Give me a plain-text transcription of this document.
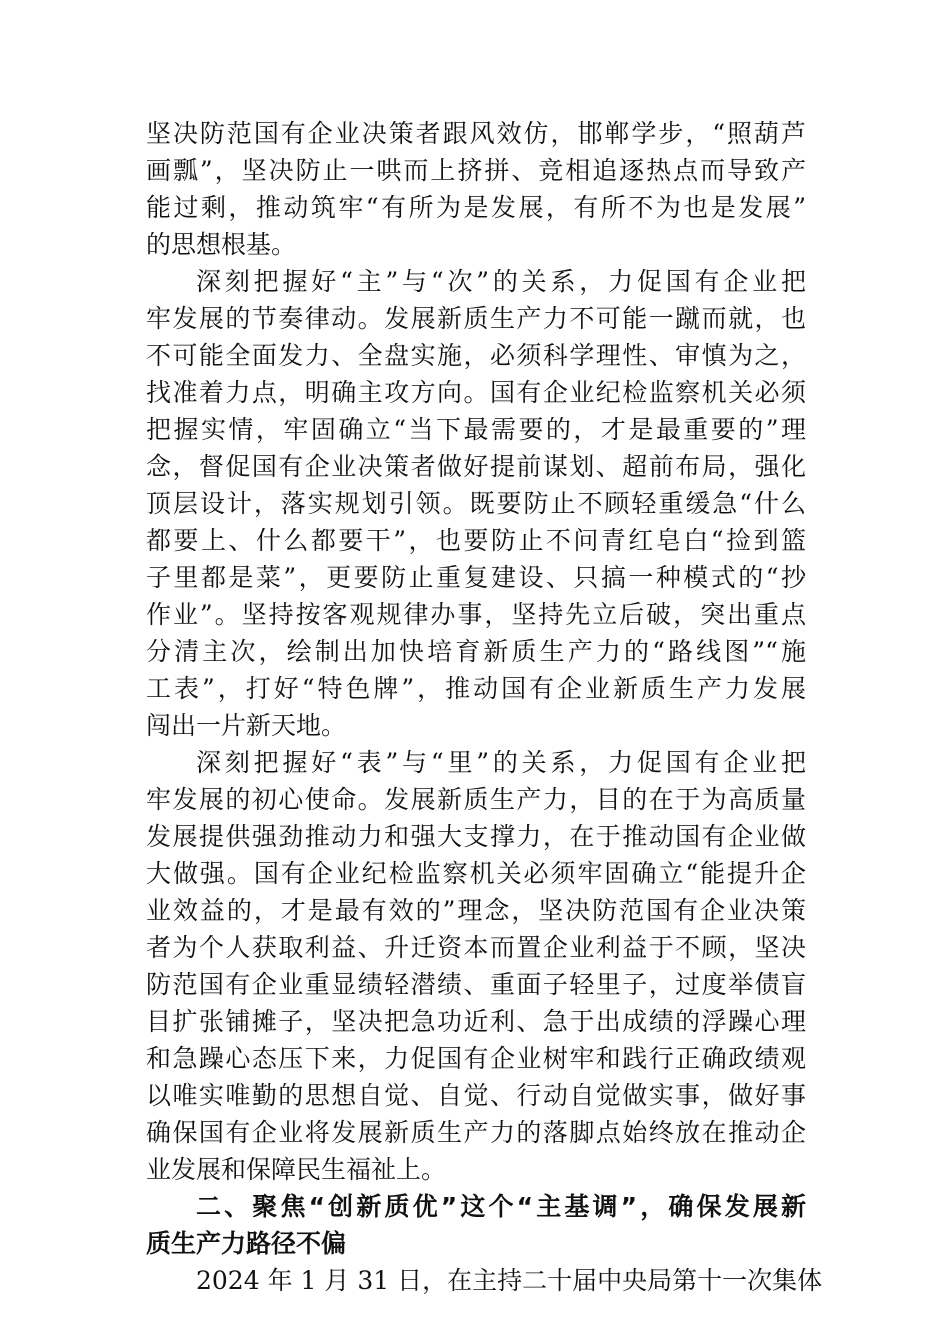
坚决防范国有企业决策者跟风效仿，邯郸学步，“照葫芦
画瓢”，坚决防止一哄而上挤拼、竞相追逐热点而导致产
能过剩，推动筑牢“有所为是发展，有所不为也是发展”
的思想根基。
深刻把握好“主”与“次”的关系，力促国有企业把
牢发展的节奏律动。发展新质生产力不可能一蹴而就，也
不可能全面发力、全盘实施，必须科学理性、审慎为之，
找准着力点，明确主攻方向。国有企业纪检监察机关必须
把握实情，牢固确立“当下最需要的，才是最重要的”理
念，督促国有企业决策者做好提前谋划、超前布局，强化
顶层设计，落实规划引领。既要防止不顾轻重缓急“什么
都要上、什么都要干”，也要防止不问青红皂白“捡到篮
子里都是菜”，更要防止重复建设、只搞一种模式的“抄
作业”。坚持按客观规律办事，坚持先立后破，突出重点
分清主次，绘制出加快培育新质生产力的“路线图”“施
工表”，打好“特色牌”，推动国有企业新质生产力发展
闯出一片新天地。
深刻把握好“表”与“里”的关系，力促国有企业把
牢发展的初心使命。发展新质生产力，目的在于为高质量
发展提供强劲推动力和强大支撑力，在于推动国有企业做
大做强。国有企业纪检监察机关必须牢固确立“能提升企
业效益的，才是最有效的”理念，坚决防范国有企业决策
者为个人获取利益、升迁资本而置企业利益于不顾，坚决
防范国有企业重显绩轻潜绩、重面子轻里子，过度举债盲
目扩张铺摊子，坚决把急功近利、急于出成绩的浮躁心理
和急躁心态压下来，力促国有企业树牢和践行正确政绩观
以唯实唯勤的思想自觉、自觉、行动自觉做实事，做好事
确保国有企业将发展新质生产力的落脚点始终放在推动企
业发展和保障民生福祉上。
二、聚焦“创新质优”这个“主基调”，确保发展新
质生产力路径不偏
2024 年 1 月 31 日，在主持二十届中央局第十一次集体
